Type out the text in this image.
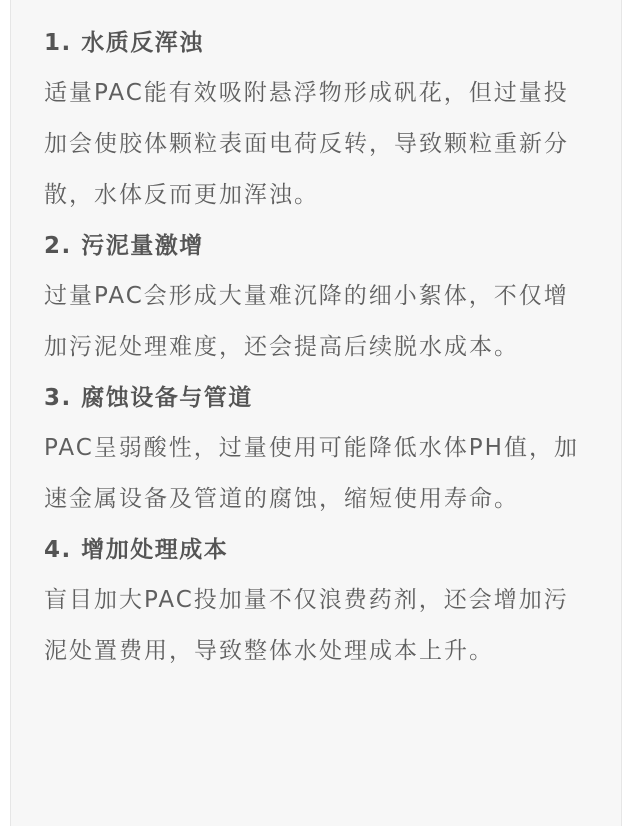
1. 水质反浑浊

适量PAC能有效吸附悬浮物形成矾花，但过量投加会使胶体颗粒表面电荷反转，导致颗粒重新分散，水体反而更加浑浊。

2. 污泥量激增

过量PAC会形成大量难沉降的细小絮体，不仅增加污泥处理难度，还会提高后续脱水成本。

3. 腐蚀设备与管道

PAC呈弱酸性，过量使用可能降低水体PH值，加速金属设备及管道的腐蚀，缩短使用寿命。

4. 增加处理成本

盲目加大PAC投加量不仅浪费药剂，还会增加污泥处置费用，导致整体水处理成本上升。
